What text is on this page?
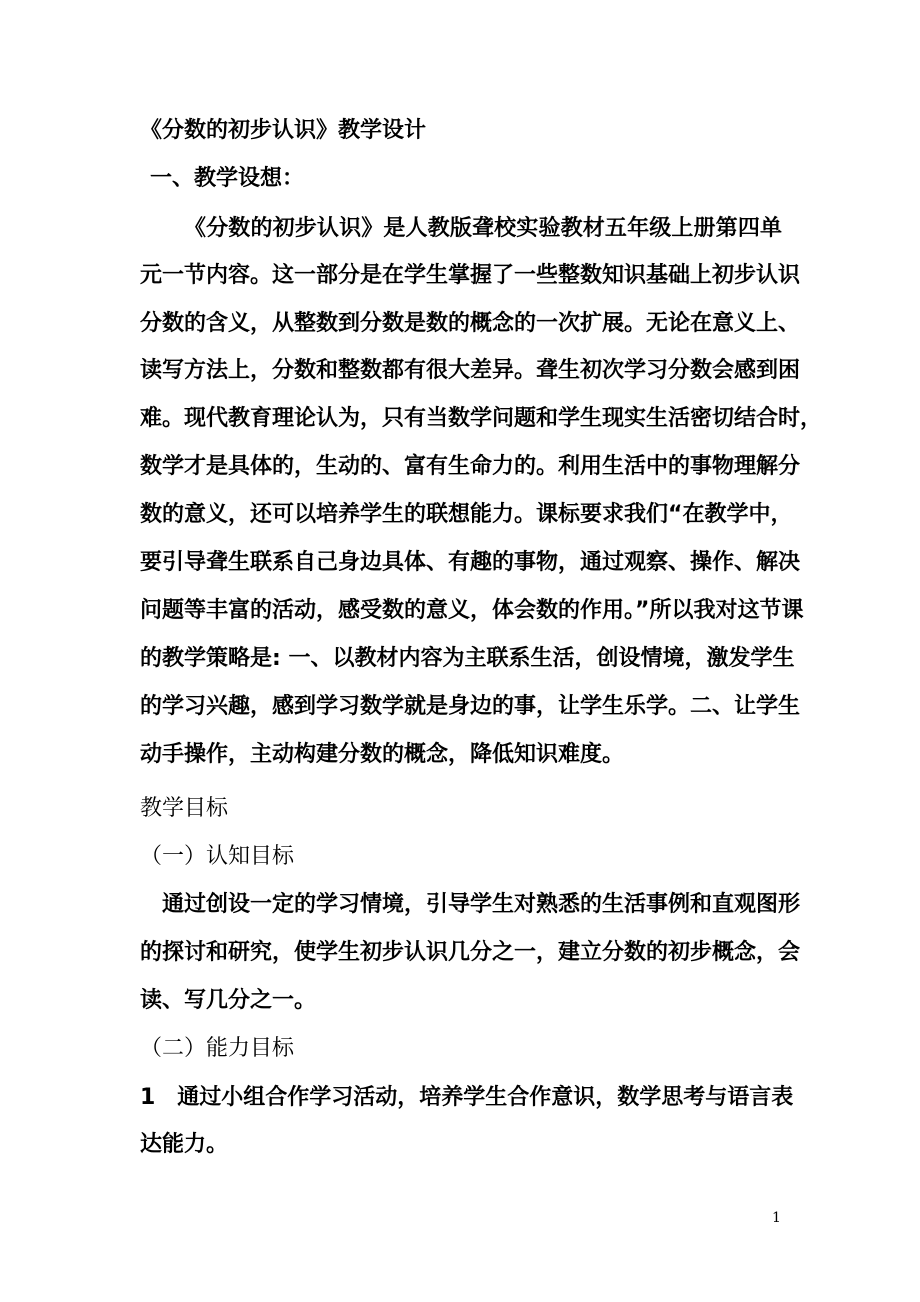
《分数的初步认识》教学设计
一、教学设想：
《分数的初步认识》是人教版聋校实验教材五年级上册第四单
元一节内容。这一部分是在学生掌握了一些整数知识基础上初步认识
分数的含义，从整数到分数是数的概念的一次扩展。无论在意义上、
读写方法上，分数和整数都有很大差异。聋生初次学习分数会感到困
难。现代教育理论认为，只有当数学问题和学生现实生活密切结合时，
数学才是具体的，生动的、富有生命力的。利用生活中的事物理解分
数的意义，还可以培养学生的联想能力。课标要求我们“在教学中，
要引导聋生联系自己身边具体、有趣的事物，通过观察、操作、解决
问题等丰富的活动，感受数的意义，体会数的作用。”所以我对这节课
的教学策略是: 一、以教材内容为主联系生活，创设情境，激发学生
的学习兴趣，感到学习数学就是身边的事，让学生乐学。二、让学生
动手操作，主动构建分数的概念，降低知识难度。
教学目标
（一）认知目标
通过创设一定的学习情境，引导学生对熟悉的生活事例和直观图形
的探讨和研究，使学生初步认识几分之一，建立分数的初步概念，会
读、写几分之一。
（二）能力目标
1　通过小组合作学习活动，培养学生合作意识，数学思考与语言表
达能力。
1
